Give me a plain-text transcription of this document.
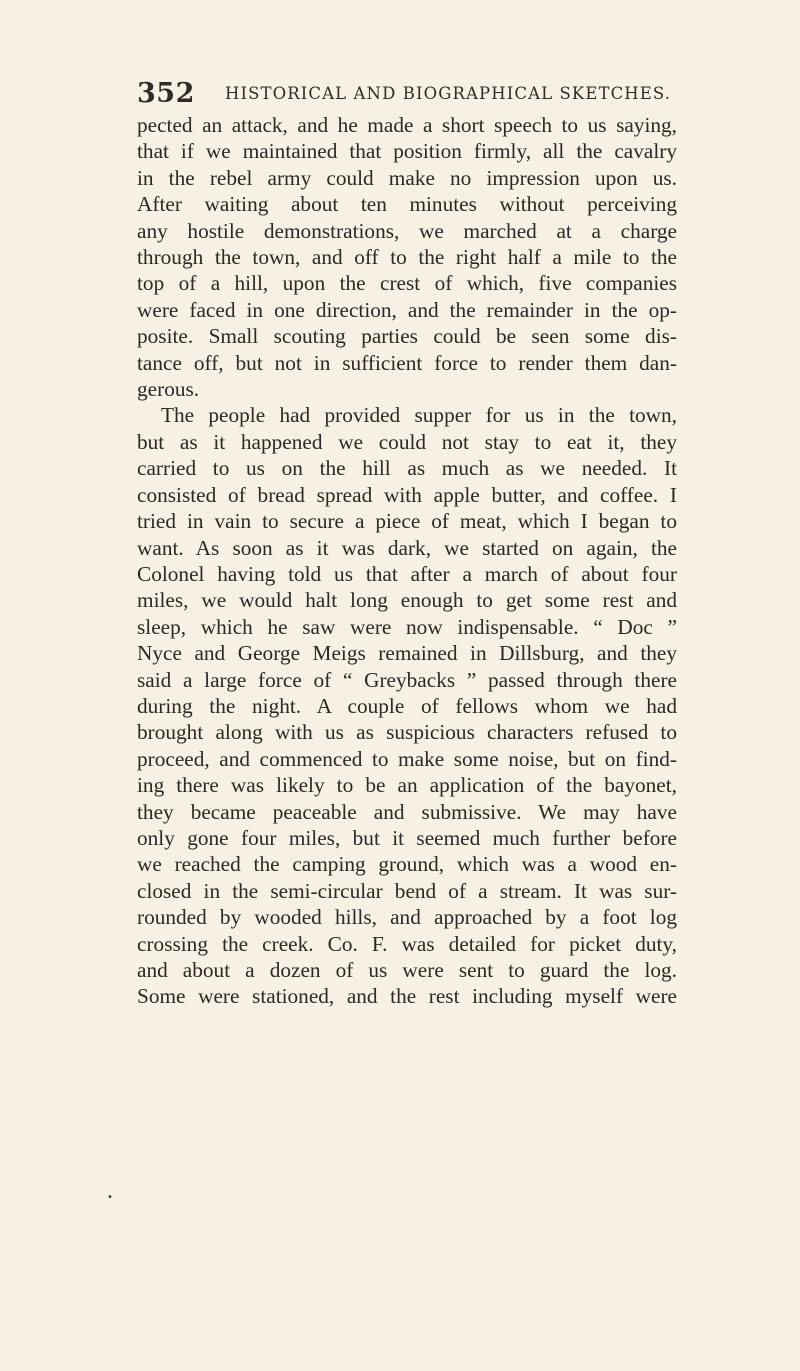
352 HISTORICAL AND BIOGRAPHICAL SKETCHES.
pected an attack, and he made a short speech to us saying,
that if we maintained that position firmly, all the cavalry
in the rebel army could make no impression upon us.
After waiting about ten minutes without perceiving
any hostile demonstrations, we marched at a charge
through the town, and off to the right half a mile to the
top of a hill, upon the crest of which, five companies
were faced in one direction, and the remainder in the op-
posite. Small scouting parties could be seen some dis-
tance off, but not in sufficient force to render them dan-
gerous.
The people had provided supper for us in the town,
but as it happened we could not stay to eat it, they
carried to us on the hill as much as we needed. It
consisted of bread spread with apple butter, and coffee. I
tried in vain to secure a piece of meat, which I began to
want. As soon as it was dark, we started on again, the
Colonel having told us that after a march of about four
miles, we would halt long enough to get some rest and
sleep, which he saw were now indispensable. “ Doc ”
Nyce and George Meigs remained in Dillsburg, and they
said a large force of “ Greybacks ” passed through there
during the night. A couple of fellows whom we had
brought along with us as suspicious characters refused to
proceed, and commenced to make some noise, but on find-
ing there was likely to be an application of the bayonet,
they became peaceable and submissive. We may have
only gone four miles, but it seemed much further before
we reached the camping ground, which was a wood en-
closed in the semi-circular bend of a stream. It was sur-
rounded by wooded hills, and approached by a foot log
crossing the creek. Co. F. was detailed for picket duty,
and about a dozen of us were sent to guard the log.
Some were stationed, and the rest including myself were
•
